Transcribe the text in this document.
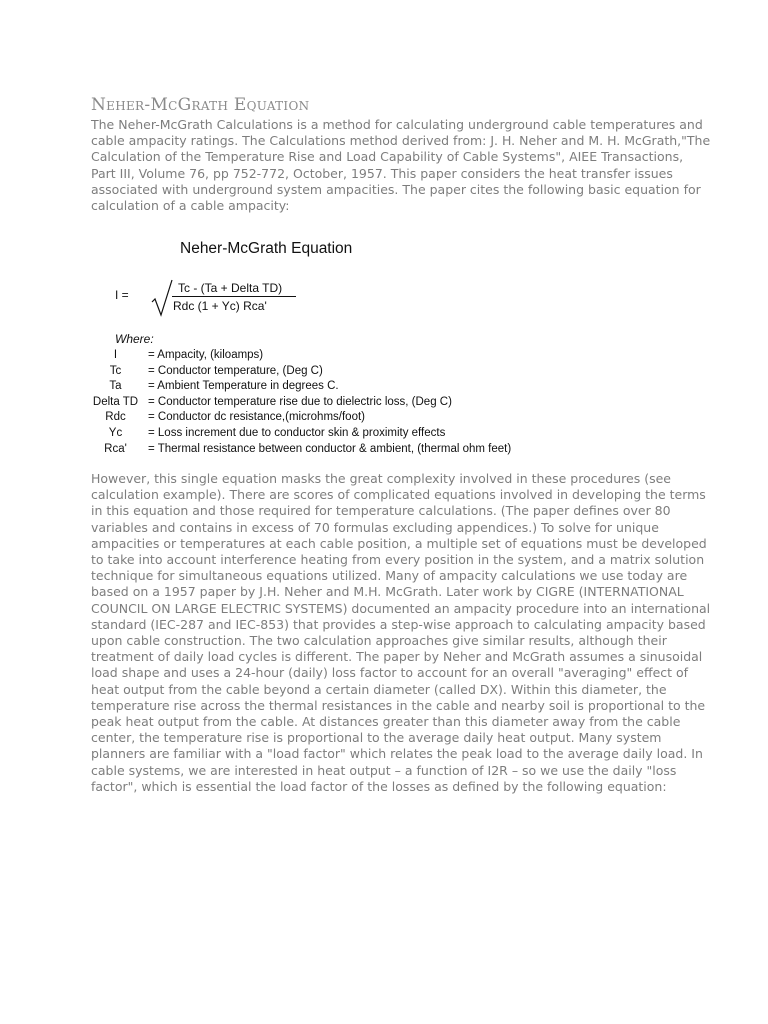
Neher-McGrath Equation

The Neher-McGrath Calculations is a method for calculating underground cable temperatures and cable ampacity ratings. The Calculations method derived from: J. H. Neher and M. H. McGrath,"The Calculation of the Temperature Rise and Load Capability of Cable Systems", AIEE Transactions, Part III, Volume 76, pp 752-772, October, 1957. This paper considers the heat transfer issues associated with underground system ampacities. The paper cites the following basic equation for calculation of a cable ampacity:

Neher-McGrath Equation
I =	Tc - (Ta + Delta TD)
Rdc (1 + Yc) Rca'
Where:
I	= Ampacity, (kiloamps)
Tc	= Conductor temperature, (Deg C)
Ta	= Ambient Temperature in degrees C.
Delta TD = Conductor temperature rise due to dielectric loss, (Deg C)
Rdc	= Conductor dc resistance,(microhms/foot)
Yc	= Loss increment due to conductor skin & proximity effects
Rca'	= Thermal resistance between conductor & ambient, (thermal ohm feet)

However, this single equation masks the great complexity involved in these procedures (see calculation example). There are scores of complicated equations involved in developing the terms in this equation and those required for temperature calculations. (The paper defines over 80 variables and contains in excess of 70 formulas excluding appendices.) To solve for unique ampacities or temperatures at each cable position, a multiple set of equations must be developed to take into account interference heating from every position in the system, and a matrix solution technique for simultaneous equations utilized. Many of ampacity calculations we use today are based on a 1957 paper by J.H. Neher and M.H. McGrath. Later work by CIGRE (INTERNATIONAL COUNCIL ON LARGE ELECTRIC SYSTEMS) documented an ampacity procedure into an international standard (IEC-287 and IEC-853) that provides a step-wise approach to calculating ampacity based upon cable construction. The two calculation approaches give similar results, although their treatment of daily load cycles is different. The paper by Neher and McGrath assumes a sinusoidal load shape and uses a 24-hour (daily) loss factor to account for an overall "averaging" effect of heat output from the cable beyond a certain diameter (called DX). Within this diameter, the temperature rise across the thermal resistances in the cable and nearby soil is proportional to the peak heat output from the cable. At distances greater than this diameter away from the cable center, the temperature rise is proportional to the average daily heat output. Many system planners are familiar with a "load factor" which relates the peak load to the average daily load. In cable systems, we are interested in heat output – a function of I2R – so we use the daily "loss factor", which is essential the load factor of the losses as defined by the following equation:
